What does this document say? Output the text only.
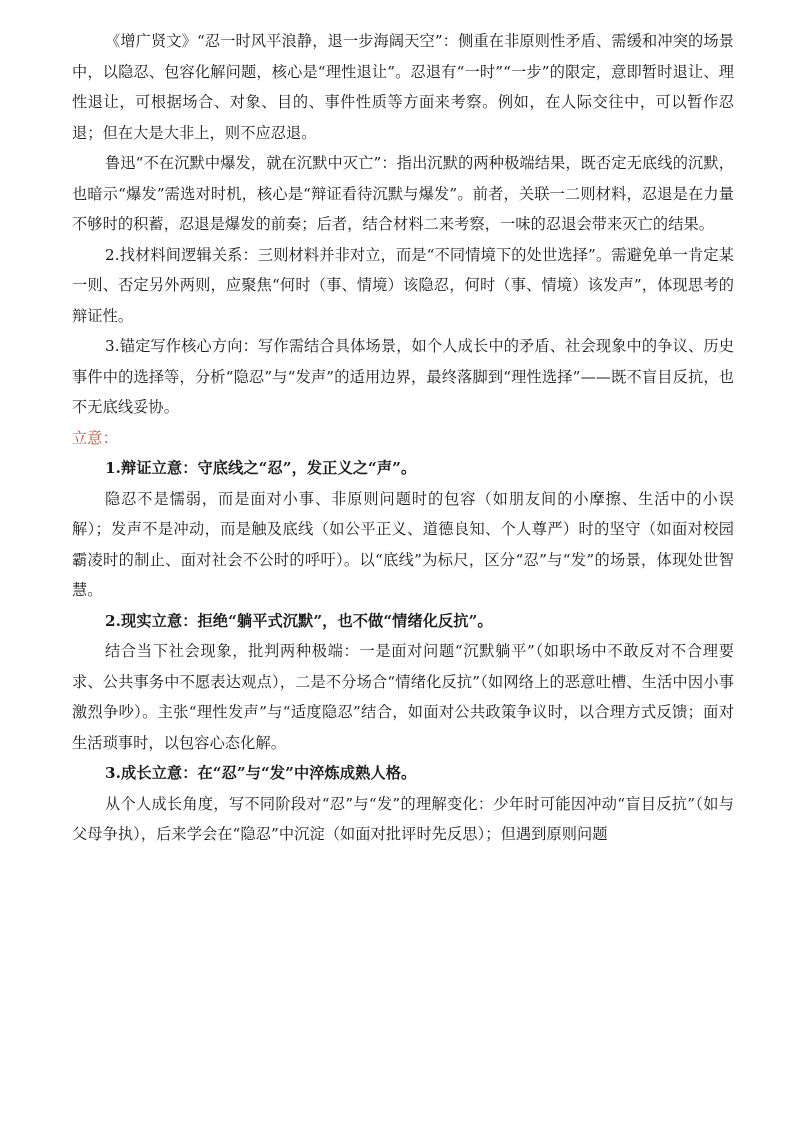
《增广贤文》“忍一时风平浪静，退一步海阔天空”：侧重在非原则性矛盾、需缓和冲突的场景中，以隐忍、包容化解问题，核心是“理性退让”。忍退有“一时”“一步”的限定，意即暂时退让、理性退让，可根据场合、对象、目的、事件性质等方面来考察。例如，在人际交往中，可以暂作忍退；但在大是大非上，则不应忍退。

鲁迅“不在沉默中爆发，就在沉默中灭亡”：指出沉默的两种极端结果，既否定无底线的沉默，也暗示“爆发”需选对时机，核心是“辩证看待沉默与爆发”。前者，关联一二则材料，忍退是在力量不够时的积蓄，忍退是爆发的前奏；后者，结合材料二来考察，一味的忍退会带来灭亡的结果。

2.找材料间逻辑关系：三则材料并非对立，而是“不同情境下的处世选择”。需避免单一肯定某一则、否定另外两则，应聚焦“何时（事、情境）该隐忍，何时（事、情境）该发声”，体现思考的辩证性。

3.锚定写作核心方向：写作需结合具体场景，如个人成长中的矛盾、社会现象中的争议、历史事件中的选择等，分析“隐忍”与“发声”的适用边界，最终落脚到“理性选择”——既不盲目反抗，也不无底线妥协。

立意：

1.辩证立意：守底线之“忍”，发正义之“声”。

隐忍不是懦弱，而是面对小事、非原则问题时的包容（如朋友间的小摩擦、生活中的小误解）；发声不是冲动，而是触及底线（如公平正义、道德良知、个人尊严）时的坚守（如面对校园霸凌时的制止、面对社会不公时的呼吁）。以“底线”为标尺，区分“忍”与“发”的场景，体现处世智慧。

2.现实立意：拒绝“躺平式沉默”，也不做“情绪化反抗”。

结合当下社会现象，批判两种极端：一是面对问题“沉默躺平”（如职场中不敢反对不合理要求、公共事务中不愿表达观点），二是不分场合“情绪化反抗”（如网络上的恶意吐槽、生活中因小事激烈争吵）。主张“理性发声”与“适度隐忍”结合，如面对公共政策争议时，以合理方式反馈；面对生活琐事时，以包容心态化解。

3.成长立意：在“忍”与“发”中淬炼成熟人格。

从个人成长角度，写不同阶段对“忍”与“发”的理解变化：少年时可能因冲动“盲目反抗”（如与父母争执），后来学会在“隐忍”中沉淀（如面对批评时先反思）；但遇到原则问题
